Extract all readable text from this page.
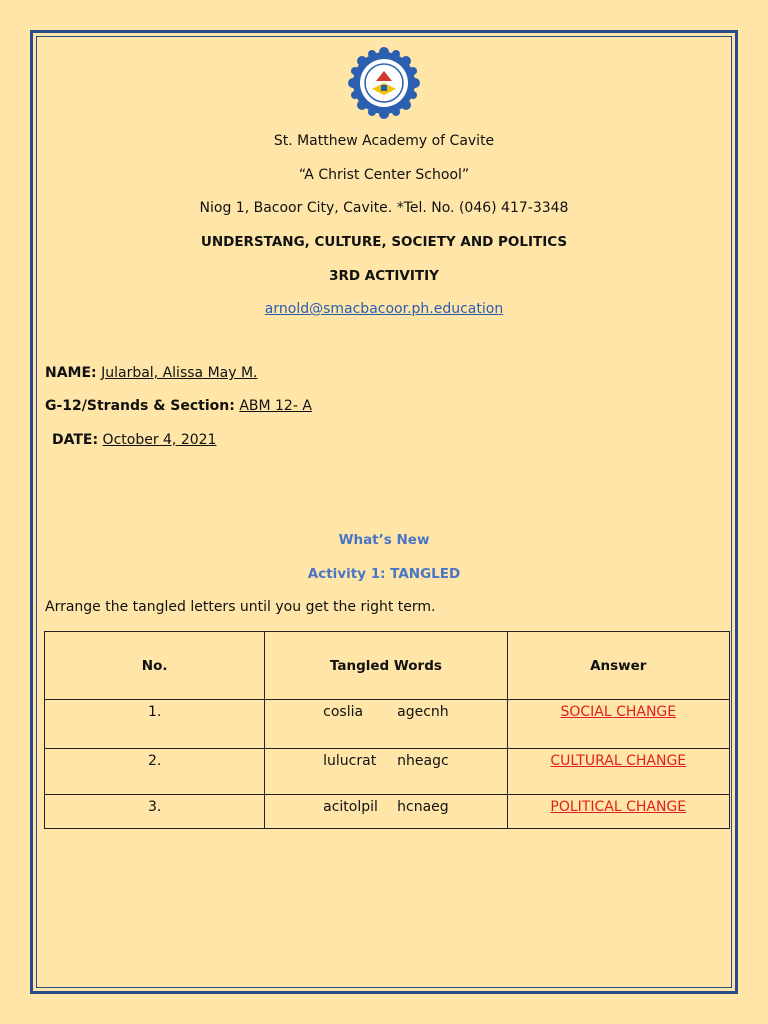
St. Matthew Academy of Cavite
“A Christ Center School”
Niog 1, Bacoor City, Cavite. *Tel. No. (046) 417-3348
UNDERSTANG, CULTURE, SOCIETY AND POLITICS
3RD ACTIVITIY
arnold@smacbacoor.ph.education
NAME: Jularbal, Alissa May M.
G-12/Strands & Section: ABM 12- A
DATE: October 4, 2021
What’s New
Activity 1: TANGLED
Arrange the tangled letters until you get the right term.
No.	Tangled Words	Answer

1.	coslia agecnh	SOCIAL CHANGE

2.	lulucrat nheagc	CULTURAL CHANGE

3.	acitolpil hcnaeg	POLITICAL CHANGE
